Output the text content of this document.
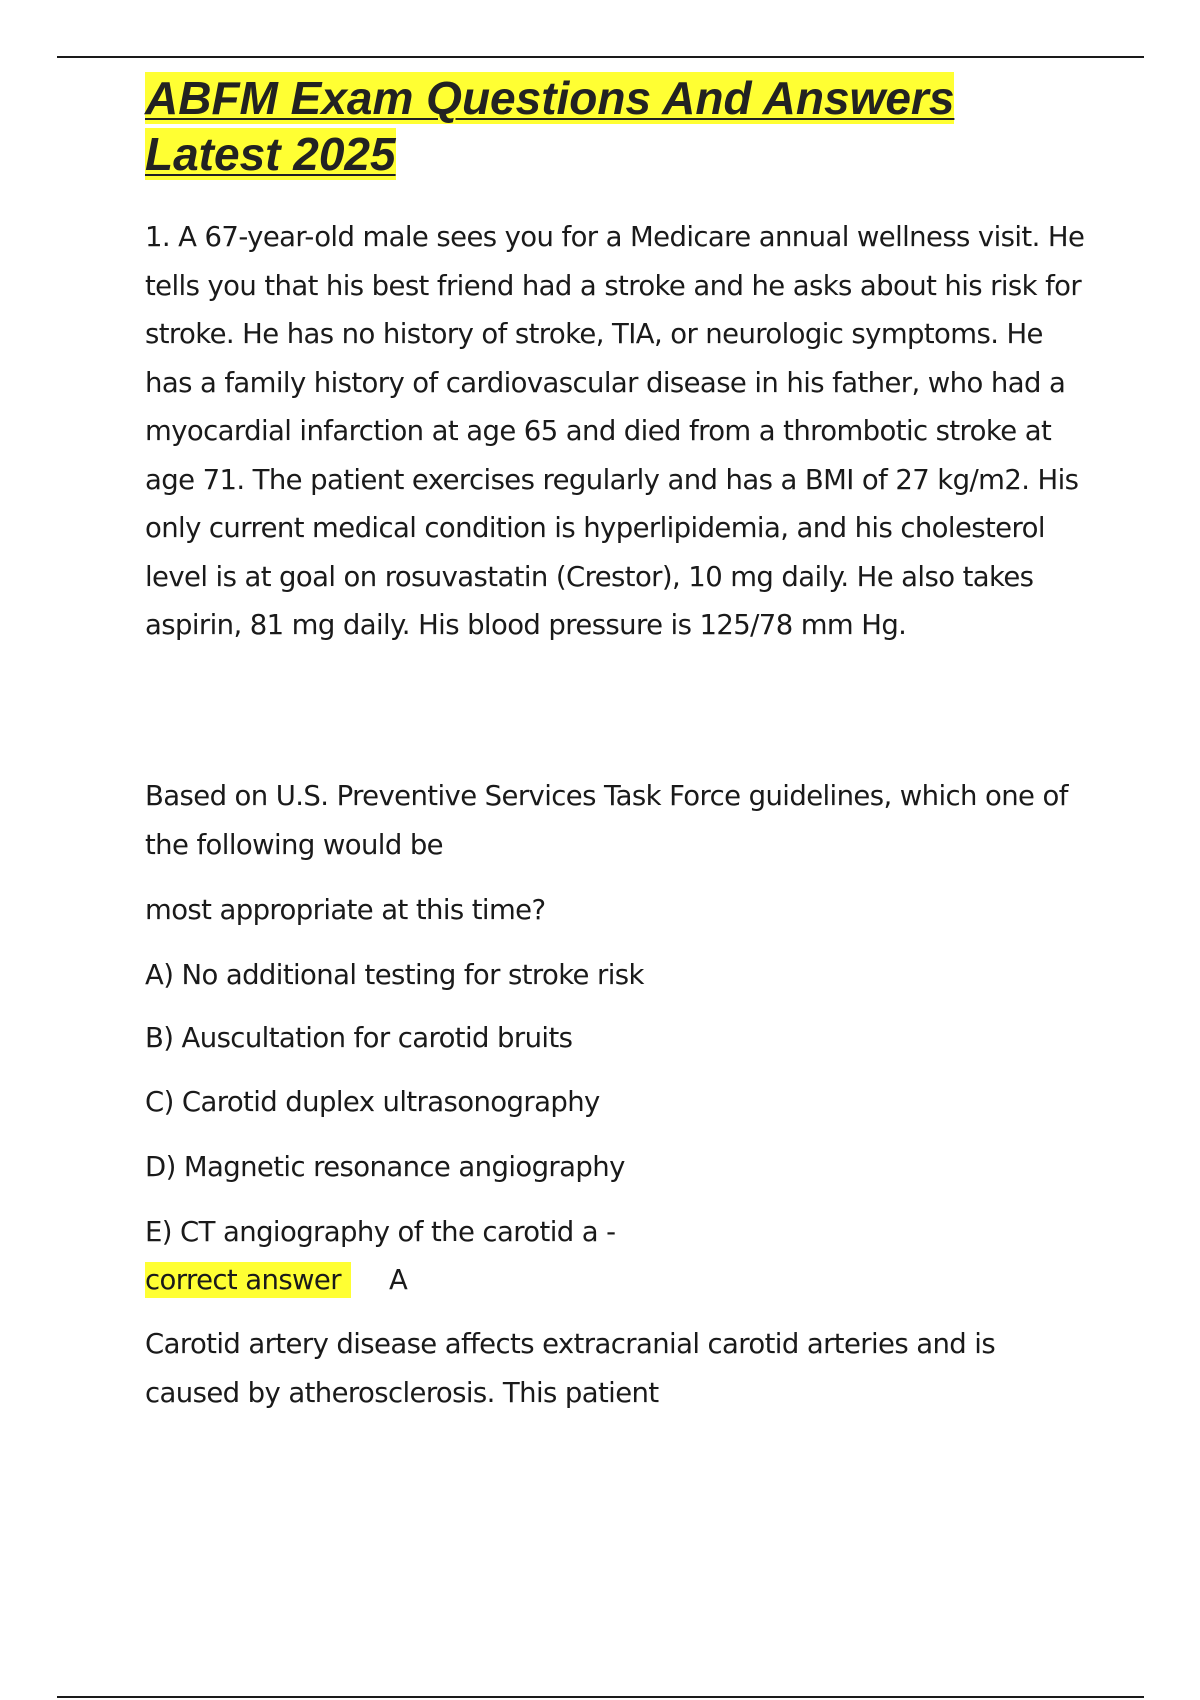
ABFM Exam Questions And Answers
Latest 2025

1. A 67-year-old male sees you for a Medicare annual wellness visit. He tells you that his best friend had a stroke and he asks about his risk for stroke. He has no history of stroke, TIA, or neurologic symptoms. He has a family history of cardiovascular disease in his father, who had a myocardial infarction at age 65 and died from a thrombotic stroke at age 71. The patient exercises regularly and has a BMI of 27 kg/m2. His only current medical condition is hyperlipidemia, and his cholesterol level is at goal on rosuvastatin (Crestor), 10 mg daily. He also takes aspirin, 81 mg daily. His blood pressure is 125/78 mm Hg.

Based on U.S. Preventive Services Task Force guidelines, which one of the following would be

most appropriate at this time?

A) No additional testing for stroke risk

B) Auscultation for carotid bruits

C) Carotid duplex ultrasonography

D) Magnetic resonance angiography

E) CT angiography of the carotid a -

correct answer A

Carotid artery disease affects extracranial carotid arteries and is caused by atherosclerosis. This patient
